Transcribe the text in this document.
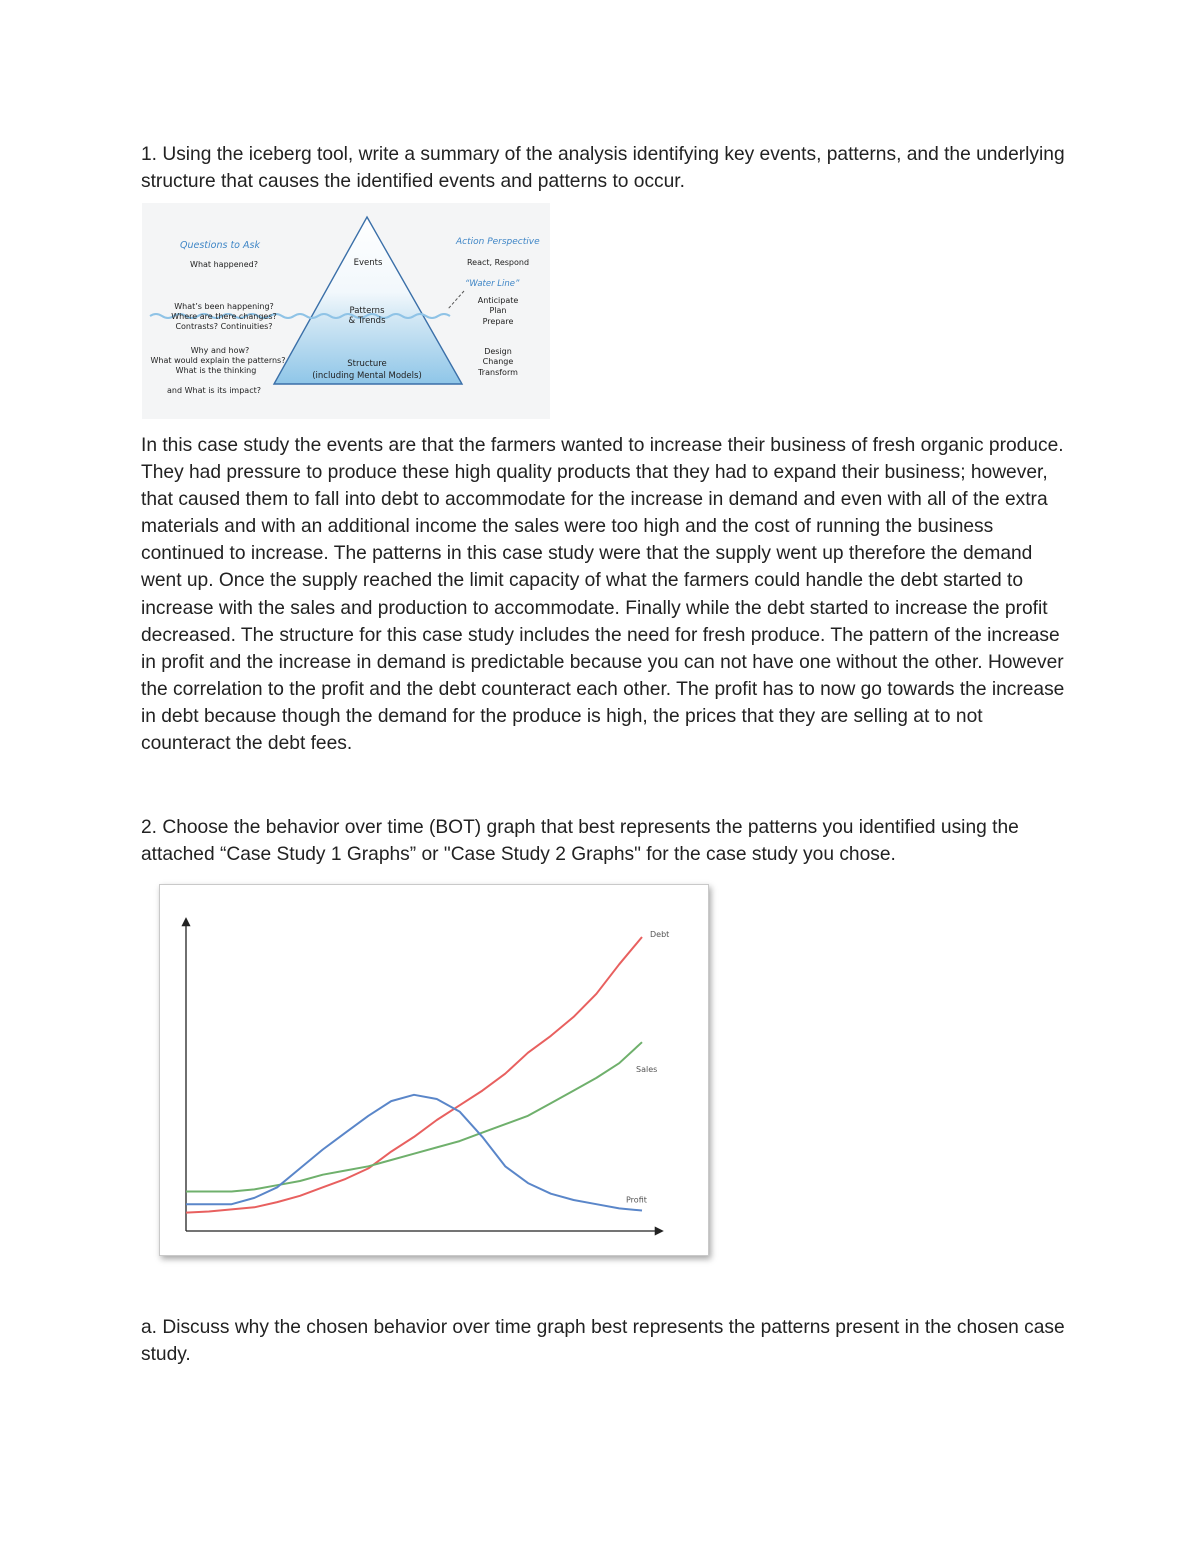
1. Using the iceberg tool, write a summary of the analysis identifying key events, patterns, and the underlying structure that causes the identified events and patterns to occur.

Questions to Ask	Action Perspective
“Water Line”
Events
Patterns
& Trends
Structure
(including Mental Models)
What happened?
What’s been happening?
Where are there changes?
Contrasts? Continuities?
Why and how?
What would explain the patterns?
What is the thinking
and What is its impact?
React, Respond
Anticipate
Plan
Prepare
Design
Change
Transform

In this case study the events are that the farmers wanted to increase their business of fresh organic produce. They had pressure to produce these high quality products that they had to expand their business; however, that caused them to fall into debt to accommodate for the increase in demand and even with all of the extra materials and with an additional income the sales were too high and the cost of running the business continued to increase. The patterns in this case study were that the supply went up therefore the demand went up. Once the supply reached the limit capacity of what the farmers could handle the debt started to increase with the sales and production to accommodate. Finally while the debt started to increase the profit decreased. The structure for this case study includes the need for fresh produce. The pattern of the increase in profit and the increase in demand is predictable because you can not have one without the other. However the correlation to the profit and the debt counteract each other. The profit has to now go towards the increase in debt because though the demand for the produce is high, the prices that they are selling at to not counteract the debt fees.

2. Choose the behavior over time (BOT) graph that best represents the patterns you identified using the attached “Case Study 1 Graphs” or "Case Study 2 Graphs" for the case study you chose.

Debt
Sales
Profit

a. Discuss why the chosen behavior over time graph best represents the patterns present in the chosen case study.
